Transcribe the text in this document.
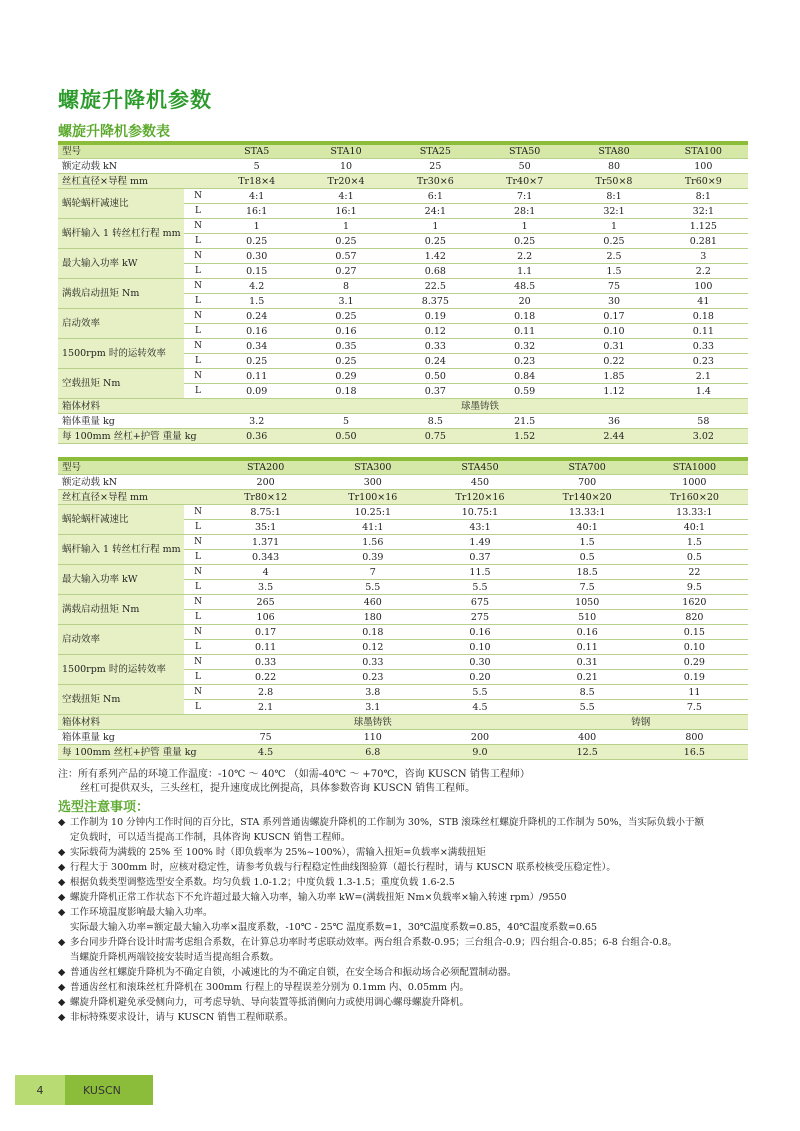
螺旋升降机参数
螺旋升降机参数表
型号		STA5	STA10	STA25	STA50	STA80	STA100
额定动载 kN		5	10	25	50	80	100
丝杠直径×导程 mm		Tr18×4	Tr20×4	Tr30×6	Tr40×7	Tr50×8	Tr60×9
蜗轮蜗杆减速比	N	4:1	4:1	6:1	7:1	8:1	8:1
	L	16:1	16:1	24:1	28:1	32:1	32:1
蜗杆输入 1 转丝杠行程 mm	N	1	1	1	1	1	1.125
	L	0.25	0.25	0.25	0.25	0.25	0.281
最大输入功率 kW	N	0.30	0.57	1.42	2.2	2.5	3
	L	0.15	0.27	0.68	1.1	1.5	2.2
满载启动扭矩 Nm	N	4.2	8	22.5	48.5	75	100
	L	1.5	3.1	8.375	20	30	41
启动效率	N	0.24	0.25	0.19	0.18	0.17	0.18
	L	0.16	0.16	0.12	0.11	0.10	0.11
1500rpm 时的运转效率	N	0.34	0.35	0.33	0.32	0.31	0.33
	L	0.25	0.25	0.24	0.23	0.22	0.23
空载扭矩 Nm	N	0.11	0.29	0.50	0.84	1.85	2.1
	L	0.09	0.18	0.37	0.59	1.12	1.4
箱体材料		球墨铸铁					
箱体重量 kg		3.2	5	8.5	21.5	36	58
每 100mm 丝杠+护管 重量 kg		0.36	0.50	0.75	1.52	2.44	3.02
型号		STA200	STA300	STA450	STA700	STA1000
额定动载 kN		200	300	450	700	1000
丝杠直径×导程 mm		Tr80×12	Tr100×16	Tr120×16	Tr140×20	Tr160×20
蜗轮蜗杆减速比	N	8.75:1	10.25:1	10.75:1	13.33:1	13.33:1
	L	35:1	41:1	43:1	40:1	40:1
蜗杆输入 1 转丝杠行程 mm	N	1.371	1.56	1.49	1.5	1.5
	L	0.343	0.39	0.37	0.5	0.5
最大输入功率 kW	N	4	7	11.5	18.5	22
	L	3.5	5.5	5.5	7.5	9.5
满载启动扭矩 Nm	N	265	460	675	1050	1620
	L	106	180	275	510	820
启动效率	N	0.17	0.18	0.16	0.16	0.15
	L	0.11	0.12	0.10	0.11	0.10
1500rpm 时的运转效率	N	0.33	0.33	0.30	0.31	0.29
	L	0.22	0.23	0.20	0.21	0.19
空载扭矩 Nm	N	2.8	3.8	5.5	8.5	11
	L	2.1	3.1	4.5	5.5	7.5
箱体材料		球墨铸铁			铸钢	
箱体重量 kg		75	110	200	400	800
每 100mm 丝杠+护管 重量 kg		4.5	6.8	9.0	12.5	16.5
注：所有系列产品的环境工作温度：-10℃ ～ 40℃ （如需-40℃ ～ +70℃，咨询 KUSCN 销售工程师）
丝杠可提供双头，三头丝杠，提升速度成比例提高，具体参数咨询 KUSCN 销售工程师。
选型注意事项：
◆ 工作制为 10 分钟内工作时间的百分比，STA 系列普通齿螺旋升降机的工作制为 30%，STB 滚珠丝杠螺旋升降机的工作制为 50%，当实际负载小于额
定负载时，可以适当提高工作制，具体咨询 KUSCN 销售工程师。
◆ 实际载荷为满载的 25% 至 100% 时（即负载率为 25%~100%），需输入扭矩=负载率×满载扭矩
◆ 行程大于 300mm 时，应核对稳定性，请参考负载与行程稳定性曲线图验算（超长行程时，请与 KUSCN 联系校核受压稳定性）。
◆ 根据负载类型调整选型安全系数。均匀负载 1.0-1.2；中度负载 1.3-1.5；重度负载 1.6-2.5
◆ 螺旋升降机正常工作状态下不允许超过最大输入功率，输入功率 kW=(满载扭矩 Nm×负载率×输入转速 rpm）/9550
◆ 工作环境温度影响最大输入功率。
实际最大输入功率=额定最大输入功率×温度系数，-10℃ - 25℃ 温度系数=1，30℃温度系数=0.85，40℃温度系数=0.65
◆ 多台同步升降台设计时需考虑组合系数，在计算总功率时考虑联动效率。两台组合系数-0.95；三台组合-0.9；四台组合-0.85；6-8 台组合-0.8。
当螺旋升降机两端铰接安装时适当提高组合系数。
◆ 普通齿丝杠螺旋升降机为不确定自锁，小减速比的为不确定自锁，在安全场合和振动场合必须配置制动器。
◆ 普通齿丝杠和滚珠丝杠升降机在 300mm 行程上的导程误差分别为 0.1mm 内、0.05mm 内。
◆ 螺旋升降机避免承受侧向力，可考虑导轨、导向装置等抵消侧向力或使用调心螺母螺旋升降机。
◆ 非标特殊要求设计，请与 KUSCN 销售工程师联系。
4	KUSCN
